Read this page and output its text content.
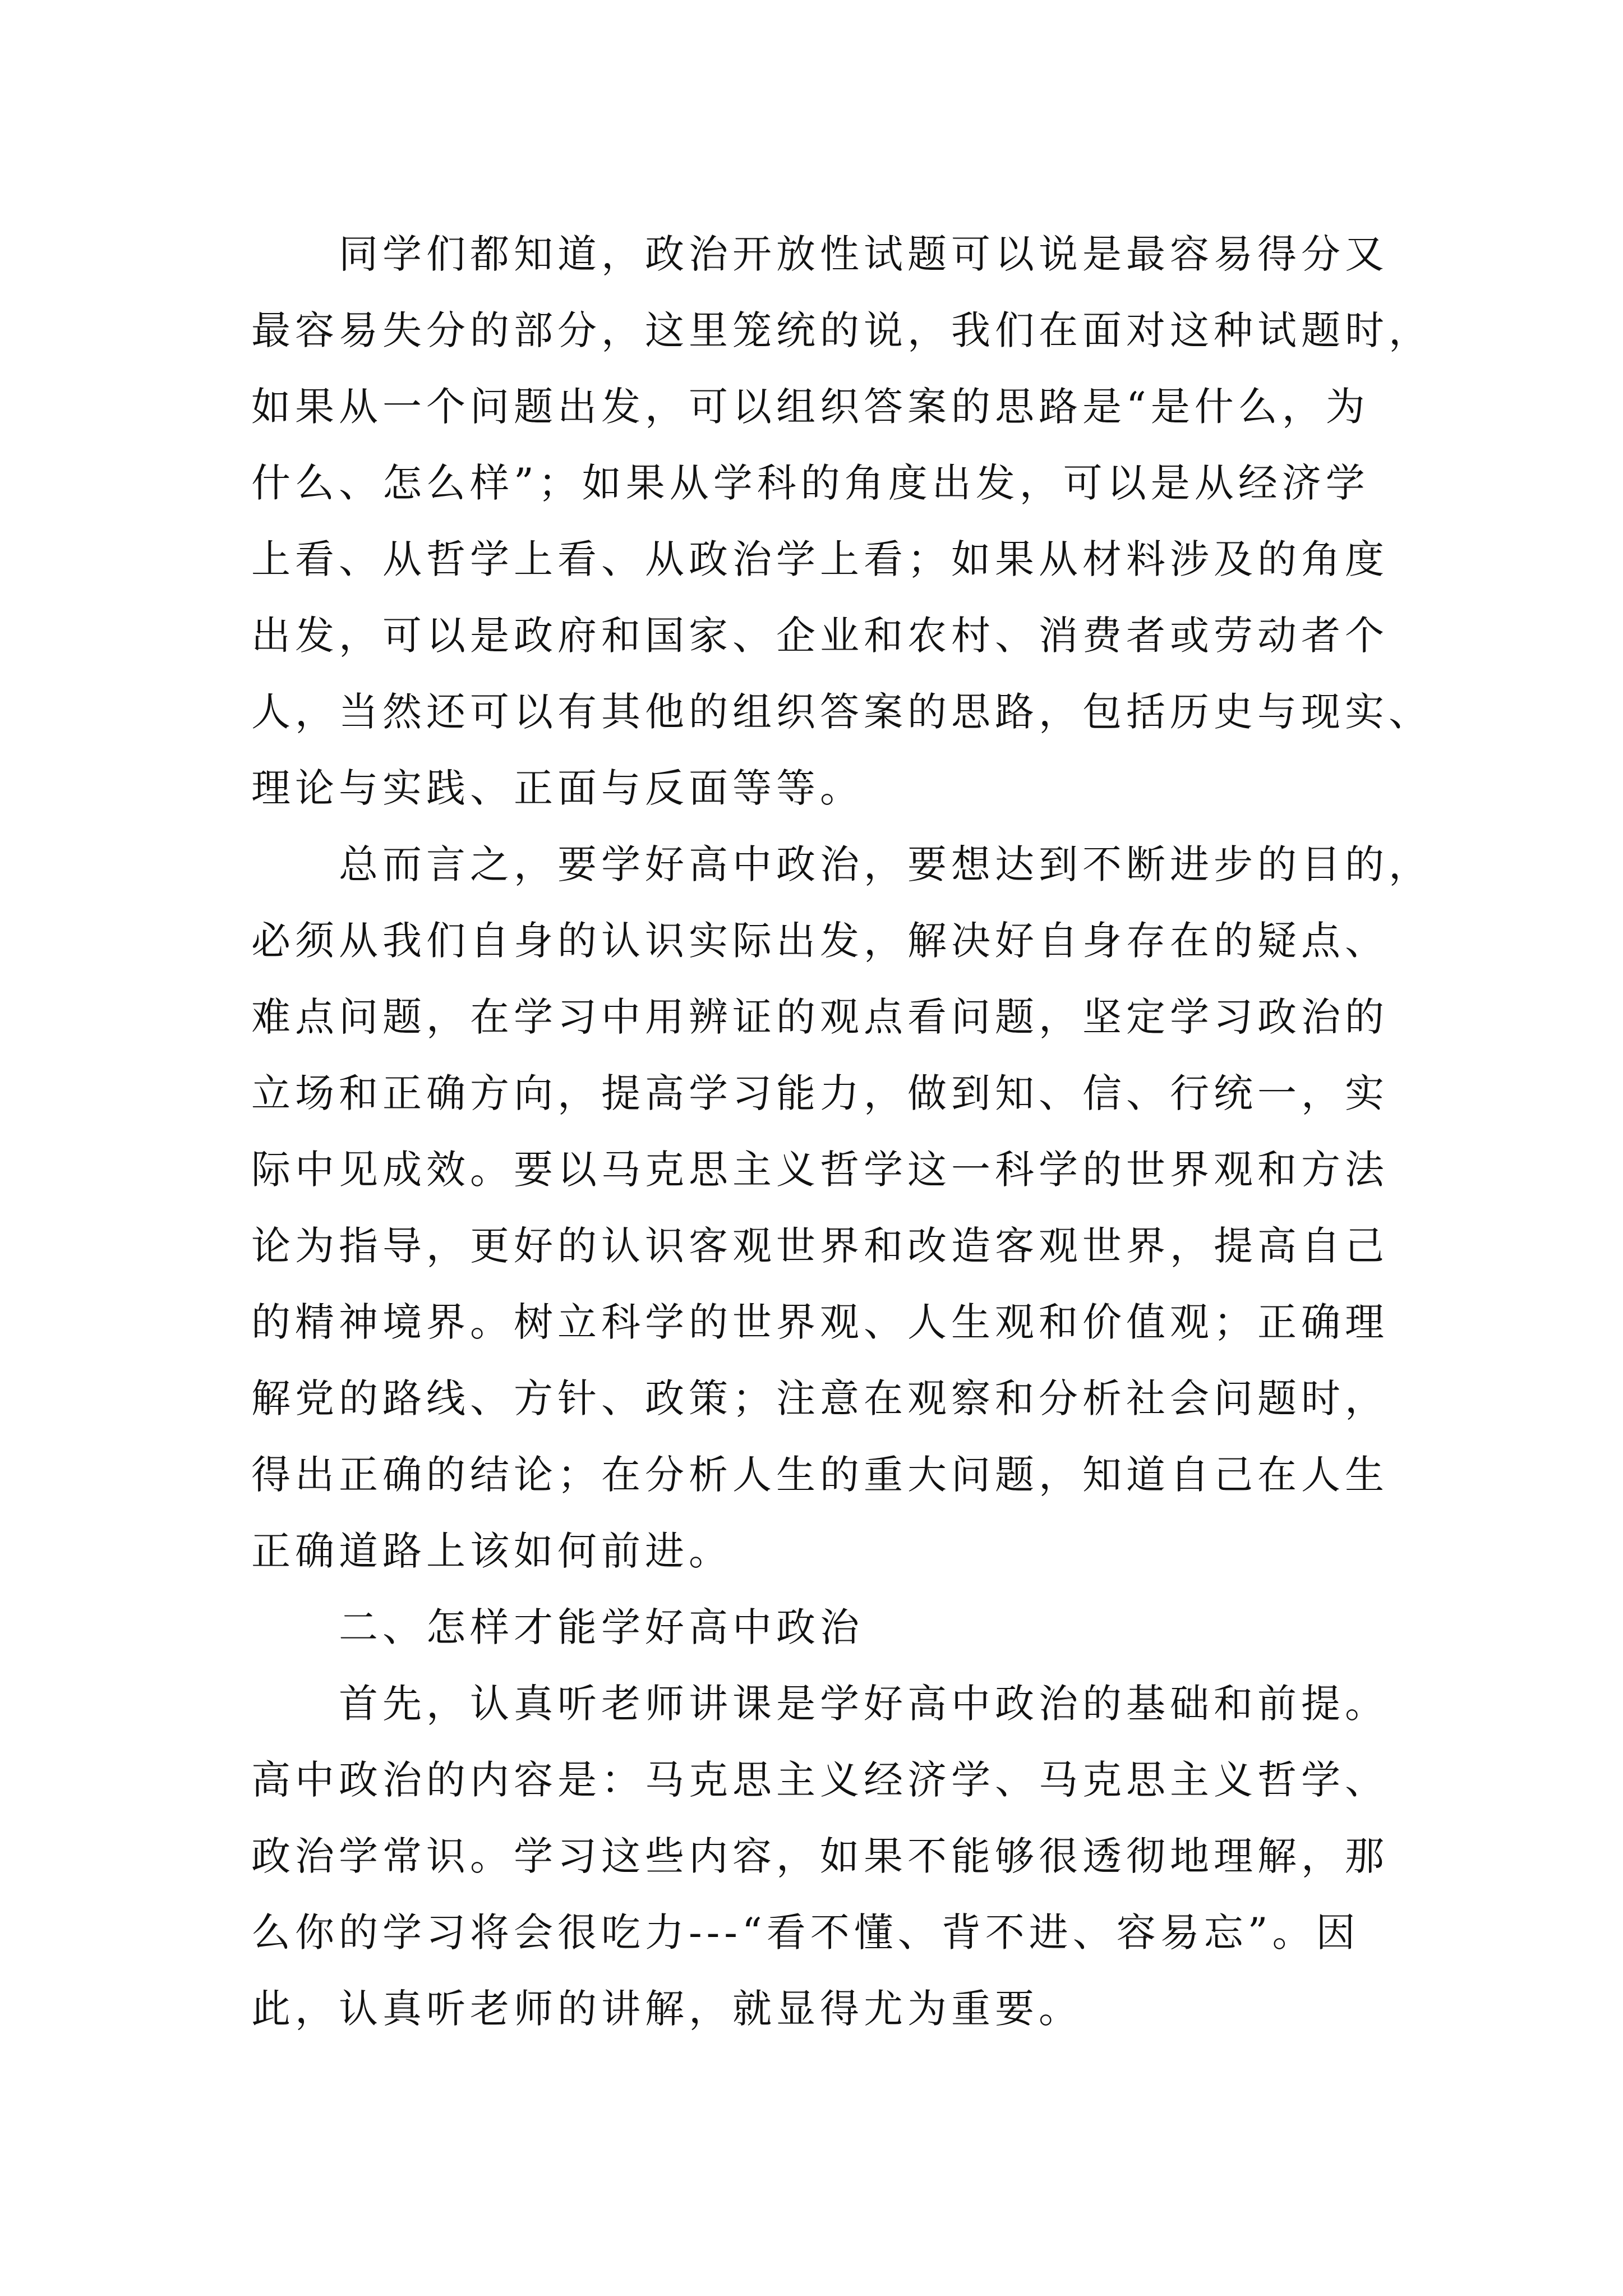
　　同学们都知道，政治开放性试题可以说是最容易得分又
最容易失分的部分，这里笼统的说，我们在面对这种试题时，
如果从一个问题出发，可以组织答案的思路是“是什么，为
什么、怎么样”；如果从学科的角度出发，可以是从经济学
上看、从哲学上看、从政治学上看；如果从材料涉及的角度
出发，可以是政府和国家、企业和农村、消费者或劳动者个
人，当然还可以有其他的组织答案的思路，包括历史与现实、
理论与实践、正面与反面等等。
　　总而言之，要学好高中政治，要想达到不断进步的目的，
必须从我们自身的认识实际出发，解决好自身存在的疑点、
难点问题，在学习中用辨证的观点看问题，坚定学习政治的
立场和正确方向，提高学习能力，做到知、信、行统一，实
际中见成效。要以马克思主义哲学这一科学的世界观和方法
论为指导，更好的认识客观世界和改造客观世界，提高自己
的精神境界。树立科学的世界观、人生观和价值观；正确理
解党的路线、方针、政策；注意在观察和分析社会问题时，
得出正确的结论；在分析人生的重大问题，知道自己在人生
正确道路上该如何前进。
　　二、怎样才能学好高中政治
　　首先，认真听老师讲课是学好高中政治的基础和前提。
高中政治的内容是：马克思主义经济学、马克思主义哲学、
政治学常识。学习这些内容，如果不能够很透彻地理解，那
么你的学习将会很吃力---“看不懂、背不进、容易忘”。因
此，认真听老师的讲解，就显得尤为重要。
